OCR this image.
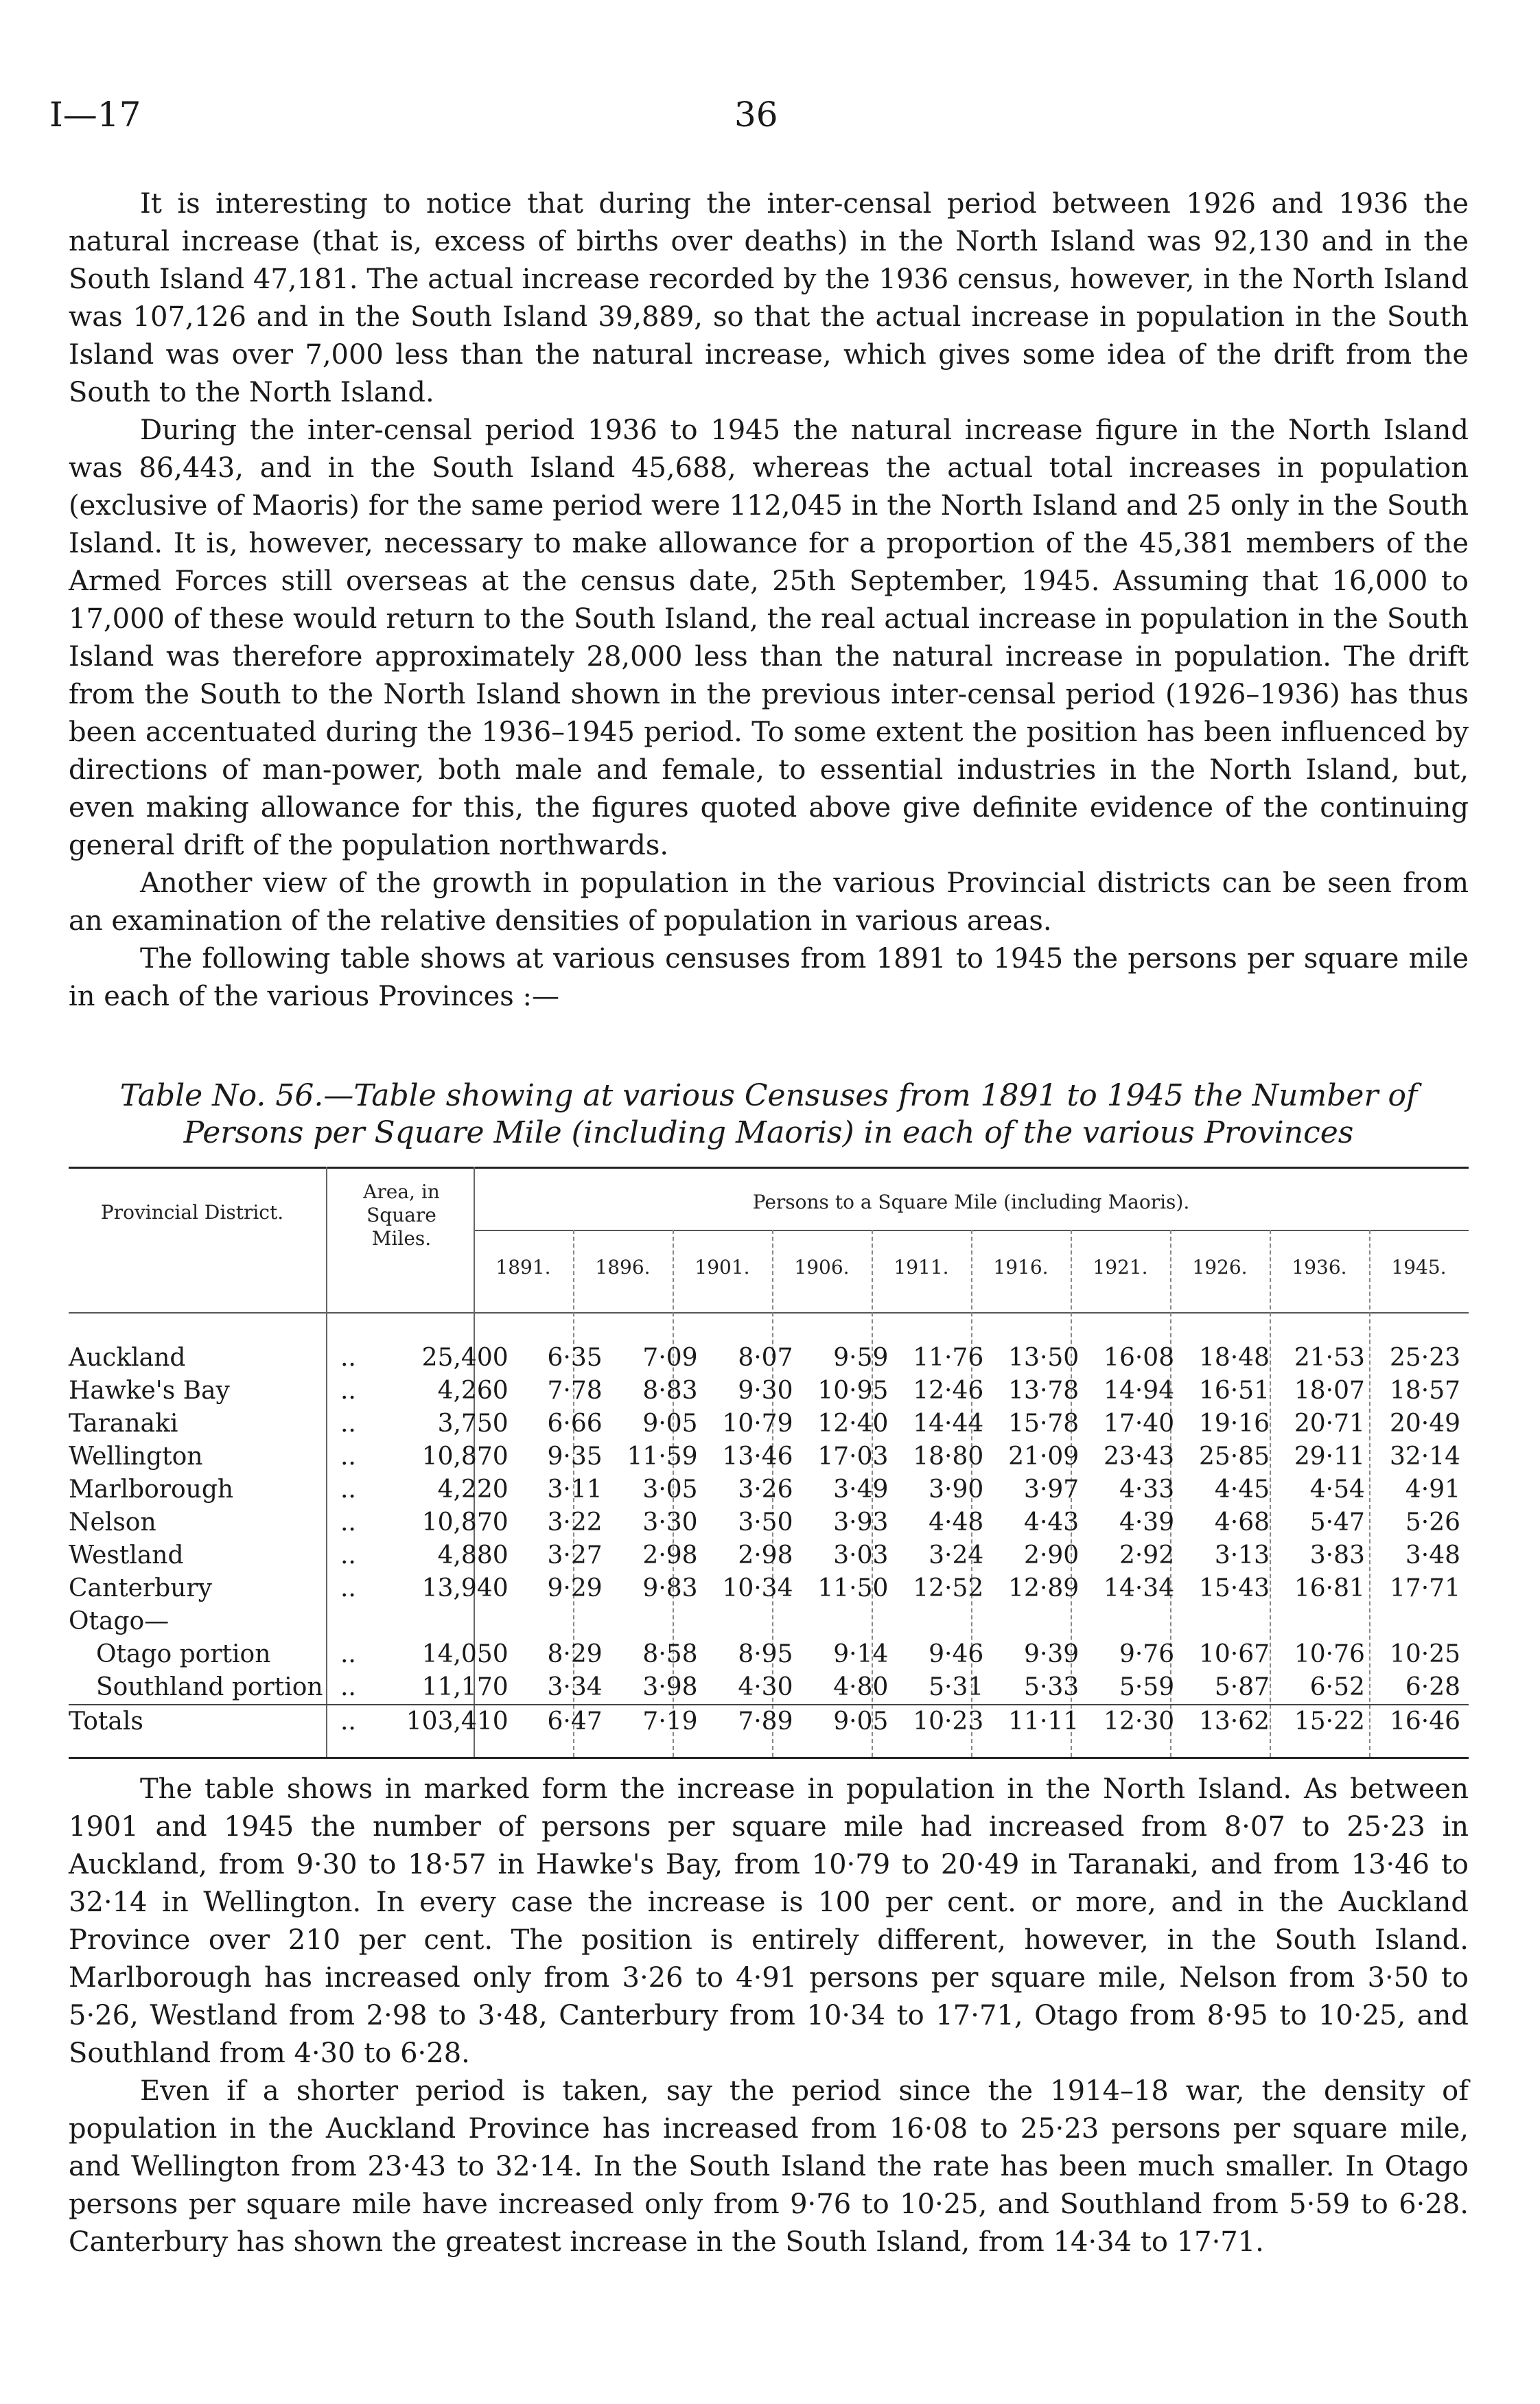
I—17	36

It is interesting to notice that during the inter-censal period between 1926 and 1936 the natural increase (that is, excess of births over deaths) in the North Island was 92,130 and in the South Island 47,181. The actual increase recorded by the 1936 census, however, in the North Island was 107,126 and in the South Island 39,889, so that the actual increase in population in the South Island was over 7,000 less than the natural increase, which gives some idea of the drift from the South to the North Island.

During the inter-censal period 1936 to 1945 the natural increase figure in the North Island was 86,443, and in the South Island 45,688, whereas the actual total increases in population (exclusive of Maoris) for the same period were 112,045 in the North Island and 25 only in the South Island. It is, however, necessary to make allowance for a proportion of the 45,381 members of the Armed Forces still overseas at the census date, 25th September, 1945. Assuming that 16,000 to 17,000 of these would return to the South Island, the real actual increase in population in the South Island was therefore approximately 28,000 less than the natural increase in population. The drift from the South to the North Island shown in the previous inter-censal period (1926–1936) has thus been accentuated during the 1936–1945 period. To some extent the position has been influenced by directions of man-power, both male and female, to essential industries in the North Island, but, even making allowance for this, the figures quoted above give definite evidence of the continuing general drift of the population northwards.

Another view of the growth in population in the various Provincial districts can be seen from an examination of the relative densities of population in various areas.

The following table shows at various censuses from 1891 to 1945 the persons per square mile in each of the various Provinces :—

Table No. 56.—Table showing at various Censuses from 1891 to 1945 the Number of Persons per Square Mile (including Maoris) in each of the various Provinces
Provincial District.
Area, in Square Miles.
Persons to a Square Mile (including Maoris).
1891.	1896.	1901.	1906.	1911.	1916.	1921.	1926.	1936.	1945.
Auckland	..	25,400	6·35	7·09	8·07	9·59	11·76	13·50	16·08	18·48	21·53	25·23
Hawke's Bay	..	4,260	7·78	8·83	9·30	10·95	12·46	13·78	14·94	16·51	18·07	18·57
Taranaki	..	3,750	6·66	9·05	10·79	12·40	14·44	15·78	17·40	19·16	20·71	20·49
Wellington	..	10,870	9·35	11·59	13·46	17·03	18·80	21·09	23·43	25·85	29·11	32·14
Marlborough	..	4,220	3·11	3·05	3·26	3·49	3·90	3·97	4·33	4·45	4·54	4·91
Nelson	..	10,870	3·22	3·30	3·50	3·93	4·48	4·43	4·39	4·68	5·47	5·26
Westland	..	4,880	3·27	2·98	2·98	3·03	3·24	2·90	2·92	3·13	3·83	3·48
Canterbury	..	13,940	9·29	9·83	10·34	11·50	12·52	12·89	14·34	15·43	16·81	17·71
Otago—												
Otago portion	..	14,050	8·29	8·58	8·95	9·14	9·46	9·39	9·76	10·67	10·76	10·25
Southland portion	..	11,170	3·34	3·98	4·30	4·80	5·31	5·33	5·59	5·87	6·52	6·28
Totals	..	103,410	6·47	7·19	7·89	9·05	10·23	11·11	12·30	13·62	15·22	16·46

The table shows in marked form the increase in population in the North Island. As between 1901 and 1945 the number of persons per square mile had increased from 8·07 to 25·23 in Auckland, from 9·30 to 18·57 in Hawke's Bay, from 10·79 to 20·49 in Taranaki, and from 13·46 to 32·14 in Wellington. In every case the increase is 100 per cent. or more, and in the Auckland Province over 210 per cent. The position is entirely different, however, in the South Island. Marlborough has increased only from 3·26 to 4·91 persons per square mile, Nelson from 3·50 to 5·26, Westland from 2·98 to 3·48, Canterbury from 10·34 to 17·71, Otago from 8·95 to 10·25, and Southland from 4·30 to 6·28.

Even if a shorter period is taken, say the period since the 1914–18 war, the density of population in the Auckland Province has increased from 16·08 to 25·23 persons per square mile, and Wellington from 23·43 to 32·14. In the South Island the rate has been much smaller. In Otago persons per square mile have increased only from 9·76 to 10·25, and Southland from 5·59 to 6·28. Canterbury has shown the greatest increase in the South Island, from 14·34 to 17·71.
